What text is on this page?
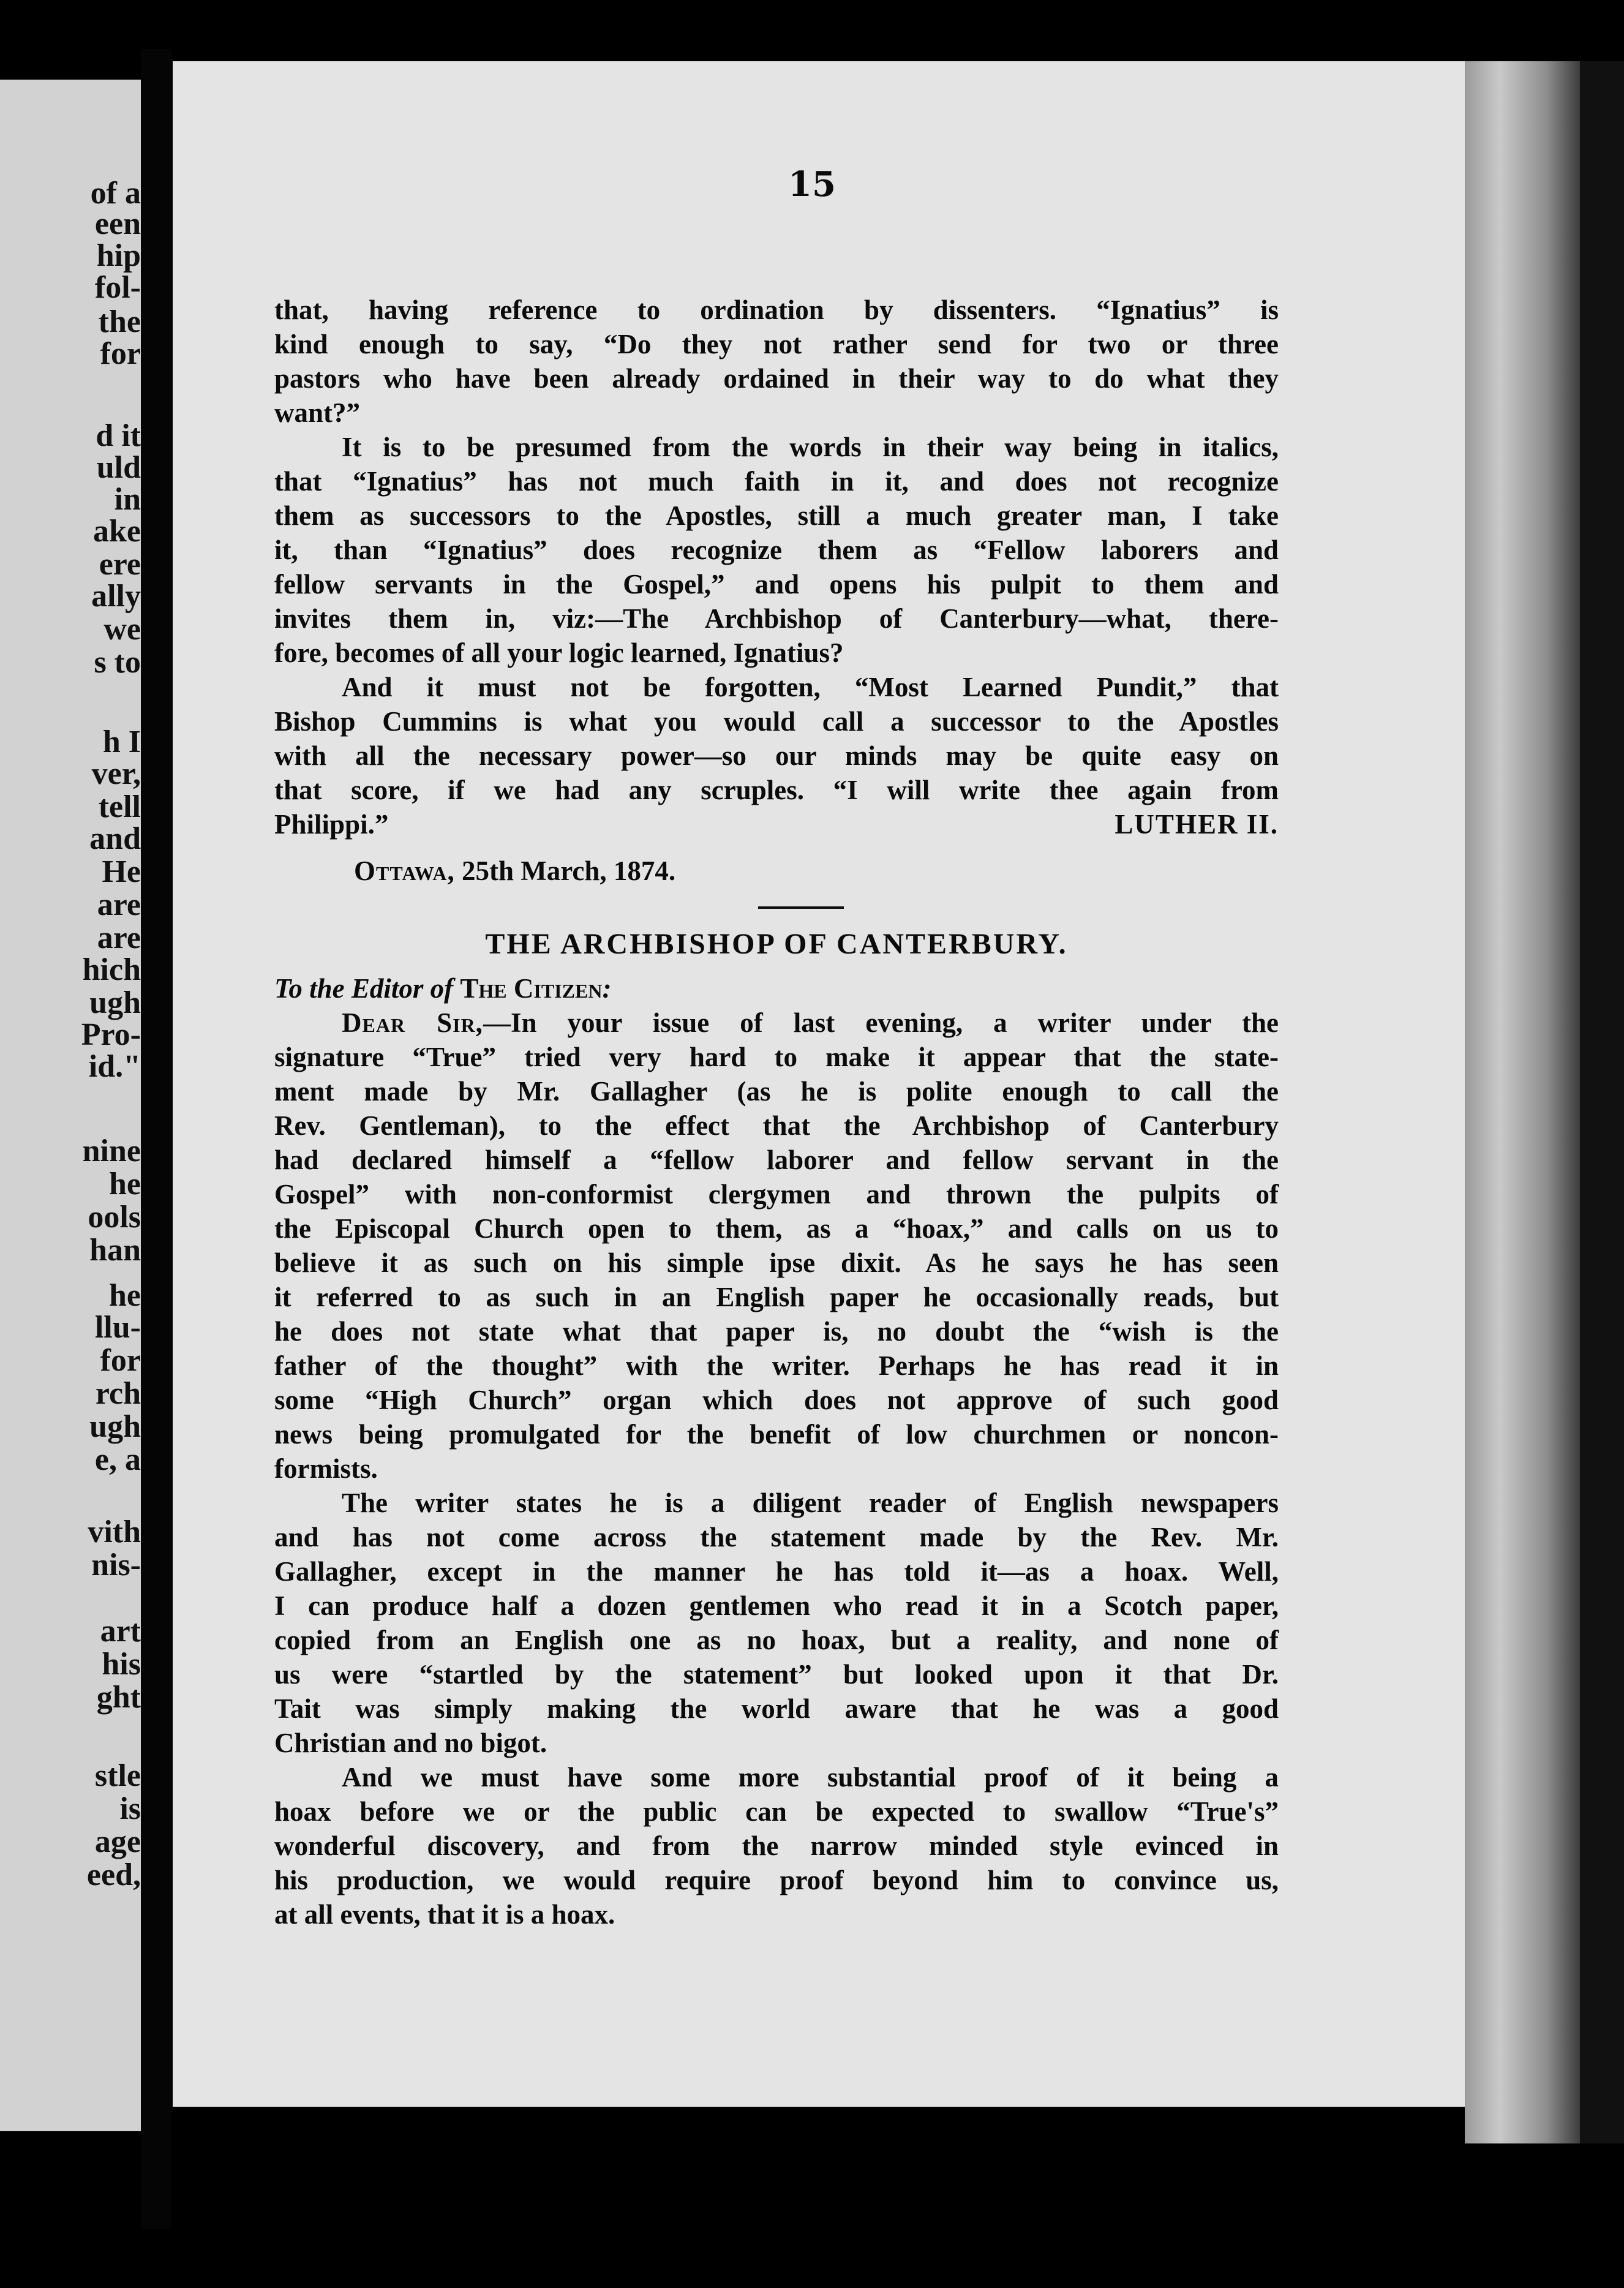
of a
een
hip
fol-
the
for
d it
uld
in
ake
ere
ally
we
s to
h I
ver,
tell
and
He
are
are
hich
ugh
Pro-
id."
nine
he
ools
han
he
llu-
for
rch
ugh
e, a
vith
nis-
art
his
ght
stle
is
age
eed,
15
that, having reference to ordination by dissenters. “Ignatius” is
kind enough to say, “Do they not rather send for two or three
pastors who have been already ordained in their way to do what they
want?”
It is to be presumed from the words in their way being in italics,
that “Ignatius” has not much faith in it, and does not recognize
them as successors to the Apostles, still a much greater man, I take
it, than “Ignatius” does recognize them as “Fellow laborers and
fellow servants in the Gospel,” and opens his pulpit to them and
invites them in, viz:—The Archbishop of Canterbury—what, there-
fore, becomes of all your logic learned, Ignatius?
And it must not be forgotten, “Most Learned Pundit,” that
Bishop Cummins is what you would call a successor to the Apostles
with all the necessary power—so our minds may be quite easy on
that score, if we had any scruples. “I will write thee again from
Philippi.”	LUTHER II.
Ottawa, 25th March, 1874.
THE ARCHBISHOP OF CANTERBURY.
To the Editor of The Citizen:
Dear Sir,—In your issue of last evening, a writer under the
signature “True” tried very hard to make it appear that the state-
ment made by Mr. Gallagher (as he is polite enough to call the
Rev. Gentleman), to the effect that the Archbishop of Canterbury
had declared himself a “fellow laborer and fellow servant in the
Gospel” with non-conformist clergymen and thrown the pulpits of
the Episcopal Church open to them, as a “hoax,” and calls on us to
believe it as such on his simple ipse dixit. As he says he has seen
it referred to as such in an English paper he occasionally reads, but
he does not state what that paper is, no doubt the “wish is the
father of the thought” with the writer. Perhaps he has read it in
some “High Church” organ which does not approve of such good
news being promulgated for the benefit of low churchmen or noncon-
formists.
The writer states he is a diligent reader of English newspapers
and has not come across the statement made by the Rev. Mr.
Gallagher, except in the manner he has told it—as a hoax. Well,
I can produce half a dozen gentlemen who read it in a Scotch paper,
copied from an English one as no hoax, but a reality, and none of
us were “startled by the statement” but looked upon it that Dr.
Tait was simply making the world aware that he was a good
Christian and no bigot.
And we must have some more substantial proof of it being a
hoax before we or the public can be expected to swallow “True's”
wonderful discovery, and from the narrow minded style evinced in
his production, we would require proof beyond him to convince us,
at all events, that it is a hoax.
